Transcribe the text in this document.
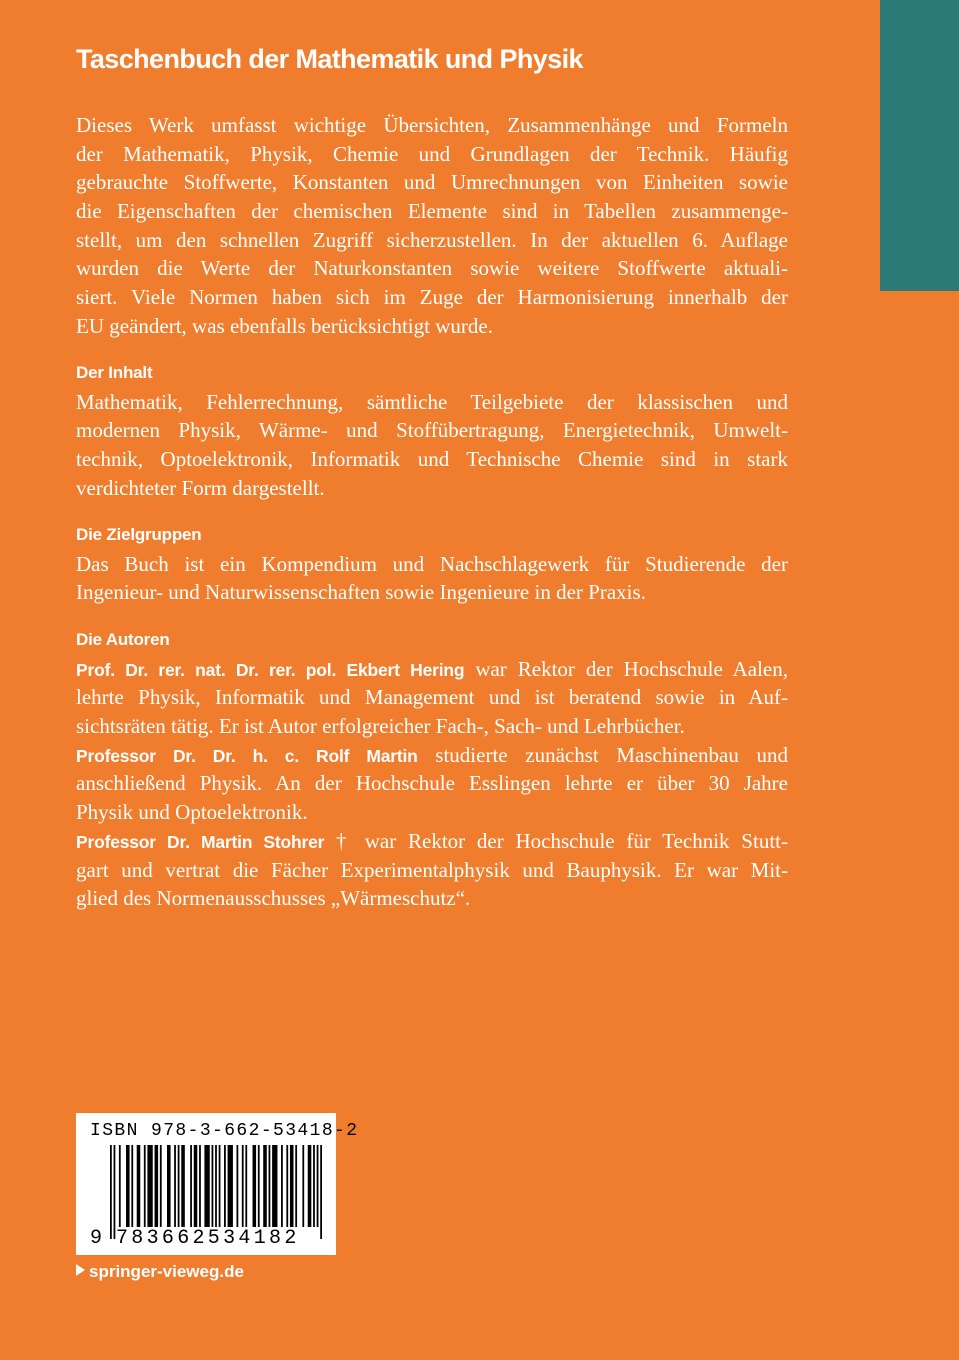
Taschenbuch der Mathematik und Physik
Dieses Werk umfasst wichtige Übersichten, Zusammenhänge und Formeln
der Mathematik, Physik, Chemie und Grundlagen der Technik. Häufig
gebrauchte Stoffwerte, Konstanten und Umrechnungen von Einheiten sowie
die Eigenschaften der chemischen Elemente sind in Tabellen zusammenge-
stellt, um den schnellen Zugriff sicherzustellen. In der aktuellen 6. Auflage
wurden die Werte der Naturkonstanten sowie weitere Stoffwerte aktuali-
siert. Viele Normen haben sich im Zuge der Harmonisierung innerhalb der
EU geändert, was ebenfalls berücksichtigt wurde.
Der Inhalt
Mathematik, Fehlerrechnung, sämtliche Teilgebiete der klassischen und
modernen Physik, Wärme- und Stoffübertragung, Energietechnik, Umwelt-
technik, Optoelektronik, Informatik und Technische Chemie sind in stark
verdichteter Form dargestellt.
Die Zielgruppen
Das Buch ist ein Kompendium und Nachschlagewerk für Studierende der
Ingenieur- und Naturwissenschaften sowie Ingenieure in der Praxis.
Die Autoren
Prof. Dr. rer. nat. Dr. rer. pol. Ekbert Hering war Rektor der Hochschule Aalen,
lehrte Physik, Informatik und Management und ist beratend sowie in Auf-
sichtsräten tätig. Er ist Autor erfolgreicher Fach-, Sach- und Lehrbücher.
Professor Dr. Dr. h. c. Rolf Martin studierte zunächst Maschinenbau und
anschließend Physik. An der Hochschule Esslingen lehrte er über 30 Jahre
Physik und Optoelektronik.
Professor Dr. Martin Stohrer † war Rektor der Hochschule für Technik Stutt-
gart und vertrat die Fächer Experimentalphysik und Bauphysik. Er war Mit-
glied des Normenausschusses „Wärmeschutz“.
ISBN 978-3-662-53418-2
9 783662534182
springer-vieweg.de
